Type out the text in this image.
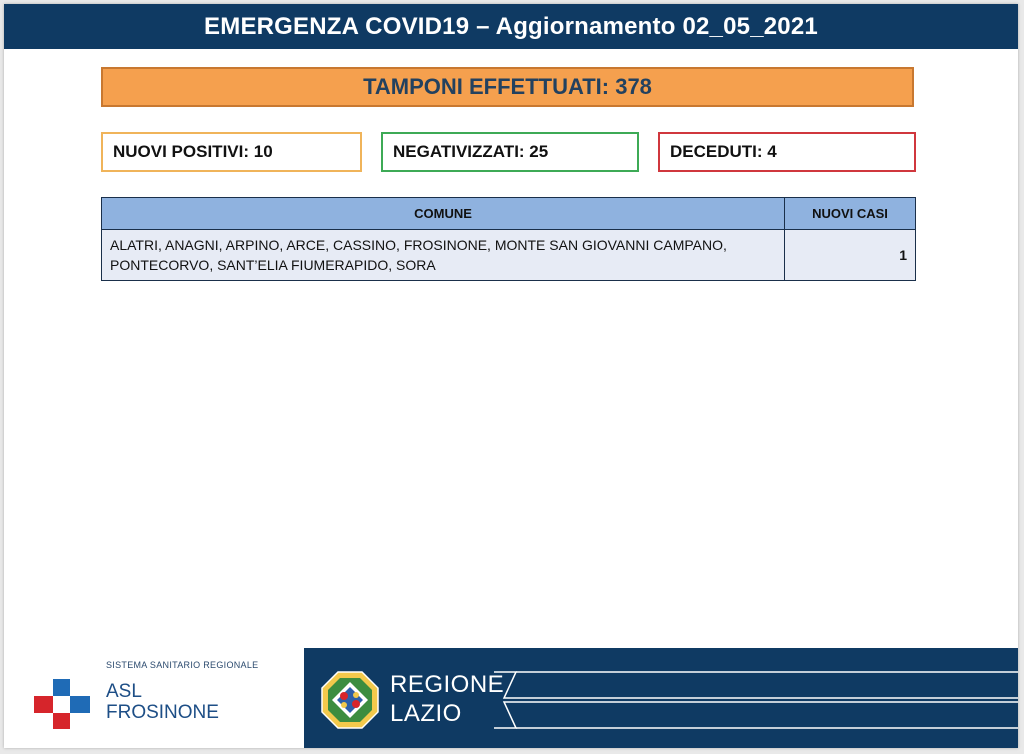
EMERGENZA COVID19 – Aggiornamento 02_05_2021
TAMPONI EFFETTUATI: 378
NUOVI POSITIVI: 10	NEGATIVIZZATI: 25	DECEDUTI: 4
COMUNE	NUOVI CASI
ALATRI, ANAGNI, ARPINO, ARCE, CASSINO, FROSINONE, MONTE SAN GIOVANNI CAMPANO, PONTECORVO, SANT’ELIA FIUMERAPIDO, SORA	1
SISTEMA SANITARIO REGIONALE
ASL
FROSINONE
REGIONE
LAZIO
